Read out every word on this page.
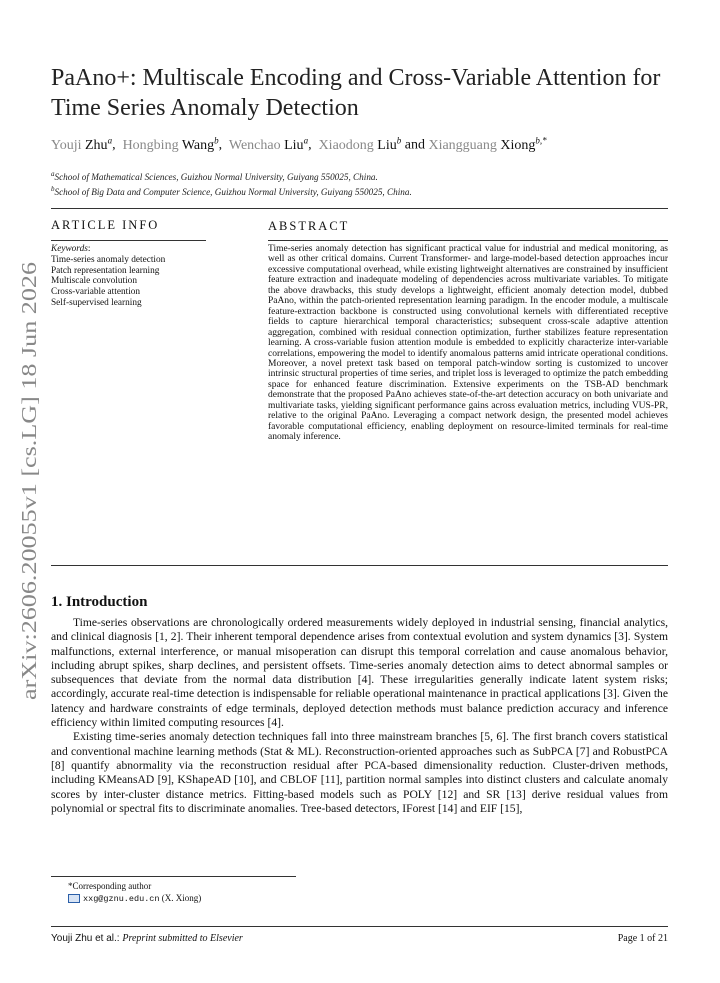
arXiv:2606.20055v1 [cs.LG] 18 Jun 2026
PaAno+: Multiscale Encoding and Cross-Variable Attention for
Time Series Anomaly Detection
Youji Zhu$^a$,  Hongbing Wang$^b$,  Wenchao Liu$^a$,  Xiaodong Liu$^b$ and Xiangguang Xiong$^{b,*}$
$^a$School of Mathematical Sciences, Guizhou Normal University, Guiyang 550025, China.
$^b$School of Big Data and Computer Science, Guizhou Normal University, Guiyang 550025, China.
ARTICLE INFO
Keywords:
Time-series anomaly detection
Patch representation learning
Multiscale convolution
Cross-variable attention
Self-supervised learning
ABSTRACT
Time-series anomaly detection has significant practical value for industrial and medical monitoring, as well as other critical domains. Current Transformer- and large-model-based detection approaches incur excessive computational overhead, while existing lightweight alternatives are constrained by insufficient feature extraction and inadequate modeling of dependencies across multivariate variables. To mitigate the above drawbacks, this study develops a lightweight, efficient anomaly detection model, dubbed PaAno, within the patch-oriented representation learning paradigm. In the encoder module, a multiscale feature-extraction backbone is constructed using convolutional kernels with differentiated receptive fields to capture hierarchical temporal characteristics; subsequent cross-scale adaptive attention aggregation, combined with residual connection optimization, further stabilizes feature representation learning. A cross-variable fusion attention module is embedded to explicitly characterize inter-variable correlations, empowering the model to identify anomalous patterns amid intricate operational conditions. Moreover, a novel pretext task based on temporal patch-window sorting is customized to uncover intrinsic structural properties of time series, and triplet loss is leveraged to optimize the patch embedding space for enhanced feature discrimination. Extensive experiments on the TSB-AD benchmark demonstrate that the proposed PaAno achieves state-of-the-art detection accuracy on both univariate and multivariate tasks, yielding significant performance gains across evaluation metrics, including VUS-PR, relative to the original PaAno. Leveraging a compact network design, the presented model achieves favorable computational efficiency, enabling deployment on resource-limited terminals for real-time anomaly inference.
1. Introduction

Time-series observations are chronologically ordered measurements widely deployed in industrial sensing, financial analytics, and clinical diagnosis [1, 2]. Their inherent temporal dependence arises from contextual evolution and system dynamics [3]. System malfunctions, external interference, or manual misoperation can disrupt this temporal correlation and cause anomalous behavior, including abrupt spikes, sharp declines, and persistent offsets. Time-series anomaly detection aims to detect abnormal samples or subsequences that deviate from the normal data distribution [4]. These irregularities generally indicate latent system risks; accordingly, accurate real-time detection is indispensable for reliable operational maintenance in practical applications [3]. Given the latency and hardware constraints of edge terminals, deployed detection methods must balance prediction accuracy and inference efficiency within limited computing resources [4].

Existing time-series anomaly detection techniques fall into three mainstream branches [5, 6]. The first branch covers statistical and conventional machine learning methods (Stat & ML). Reconstruction-oriented approaches such as SubPCA [7] and RobustPCA [8] quantify abnormality via the reconstruction residual after PCA-based dimensionality reduction. Cluster-driven methods, including KMeansAD [9], KShapeAD [10], and CBLOF [11], partition normal samples into distinct clusters and calculate anomaly scores by inter-cluster distance metrics. Fitting-based models such as POLY [12] and SR [13] derive residual values from polynomial or spectral fits to discriminate anomalies. Tree-based detectors, IForest [14] and EIF [15],

*Corresponding author
xxg@gznu.edu.cn (X. Xiong)
Youji Zhu et al.: Preprint submitted to Elsevier	Page 1 of 21
